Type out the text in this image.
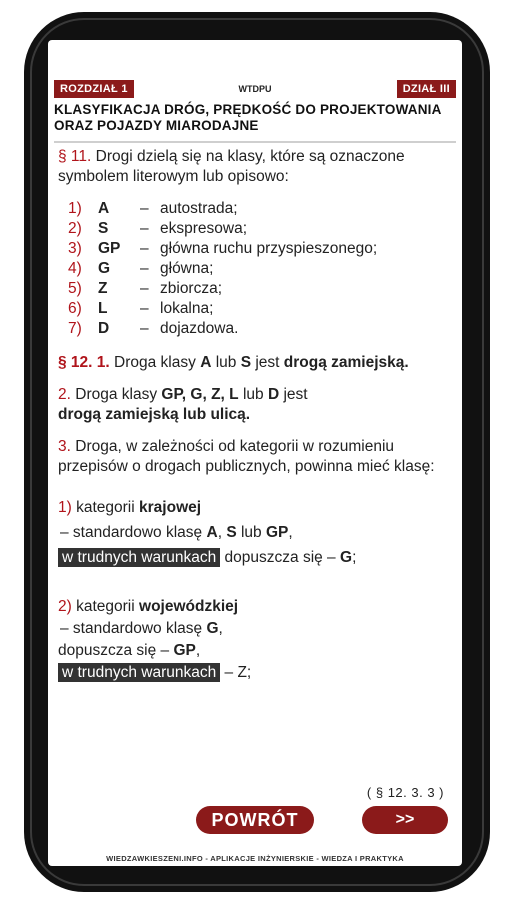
ROZDZIAŁ 1	WTDPU	DZIAŁ III
KLASYFIKACJA DRÓG, PRĘDKOŚĆ DO PROJEKTOWANIA ORAZ POJAZDY MIARODAJNE

§ 11. Drogi dzielą się na klasy, które są oznaczone symbolem literowym lub opisowo:

1)	A	– autostrada;
2)	S	– ekspresowa;
3)	GP	– główna ruchu przyspieszonego;
4)	G	– główna;
5)	Z	– zbiorcza;
6)	L	– lokalna;
7)	D	– dojazdowa.

§ 12. 1. Droga klasy A lub S jest drogą zamiejską.

2. Droga klasy GP, G, Z, L lub D jest
drogą zamiejską lub ulicą.

3. Droga, w zależności od kategorii w rozumieniu przepisów o drogach publicznych, powinna mieć klasę:

1) kategorii krajowej
– standardowo klasę A, S lub GP,
w trudnych warunkach dopuszcza się – G;
2) kategorii wojewódzkiej
– standardowo klasę G,
dopuszcza się – GP,
w trudnych warunkach – Z;
( § 12. 3. 3 )
POWRÓT	>>
WIEDZAWKIESZENI.INFO - APLIKACJE INŻYNIERSKIE - WIEDZA I PRAKTYKA
